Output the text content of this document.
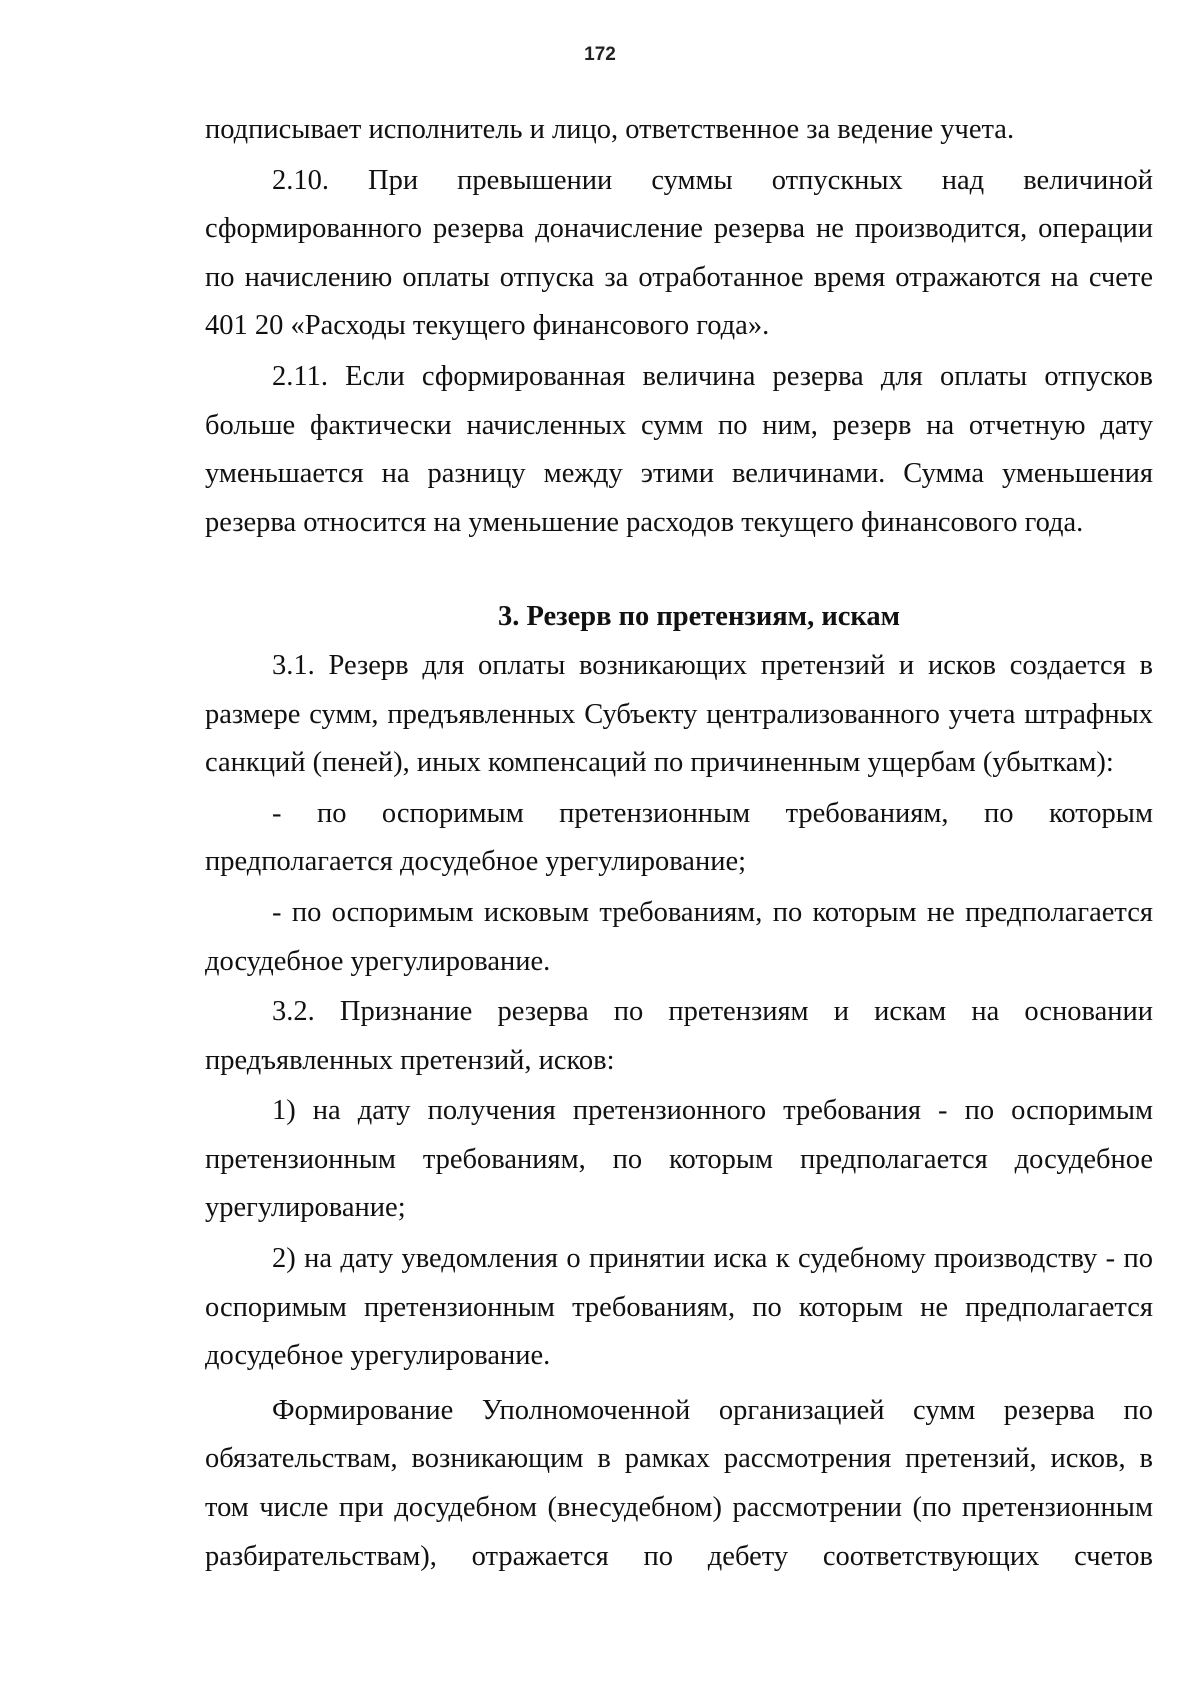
172

подписывает исполнитель и лицо, ответственное за ведение учета.

2.10. При превышении суммы отпускных над величиной сформированного резерва доначисление резерва не производится, операции по начислению оплаты отпуска за отработанное время отражаются на счете 401 20 «Расходы текущего финансового года».

2.11. Если сформированная величина резерва для оплаты отпусков больше фактически начисленных сумм по ним, резерв на отчетную дату уменьшается на разницу между этими величинами. Сумма уменьшения резерва относится на уменьшение расходов текущего финансового года.

3. Резерв по претензиям, искам

3.1. Резерв для оплаты возникающих претензий и исков создается в размере сумм, предъявленных Субъекту централизованного учета штрафных санкций (пеней), иных компенсаций по причиненным ущербам (убыткам):

- по оспоримым претензионным требованиям, по которым предполагается досудебное урегулирование;

- по оспоримым исковым требованиям, по которым не предполагается досудебное урегулирование.

3.2. Признание резерва по претензиям и искам на основании предъявленных претензий, исков:

1) на дату получения претензионного требования - по оспоримым претензионным требованиям, по которым предполагается досудебное урегулирование;

2) на дату уведомления о принятии иска к судебному производству - по оспоримым претензионным требованиям, по которым не предполагается досудебное урегулирование.

Формирование Уполномоченной организацией сумм резерва по обязательствам, возникающим в рамках рассмотрения претензий, исков, в том числе при досудебном (внесудебном) рассмотрении (по претензионным разбирательствам), отражается по дебету соответствующих счетов
